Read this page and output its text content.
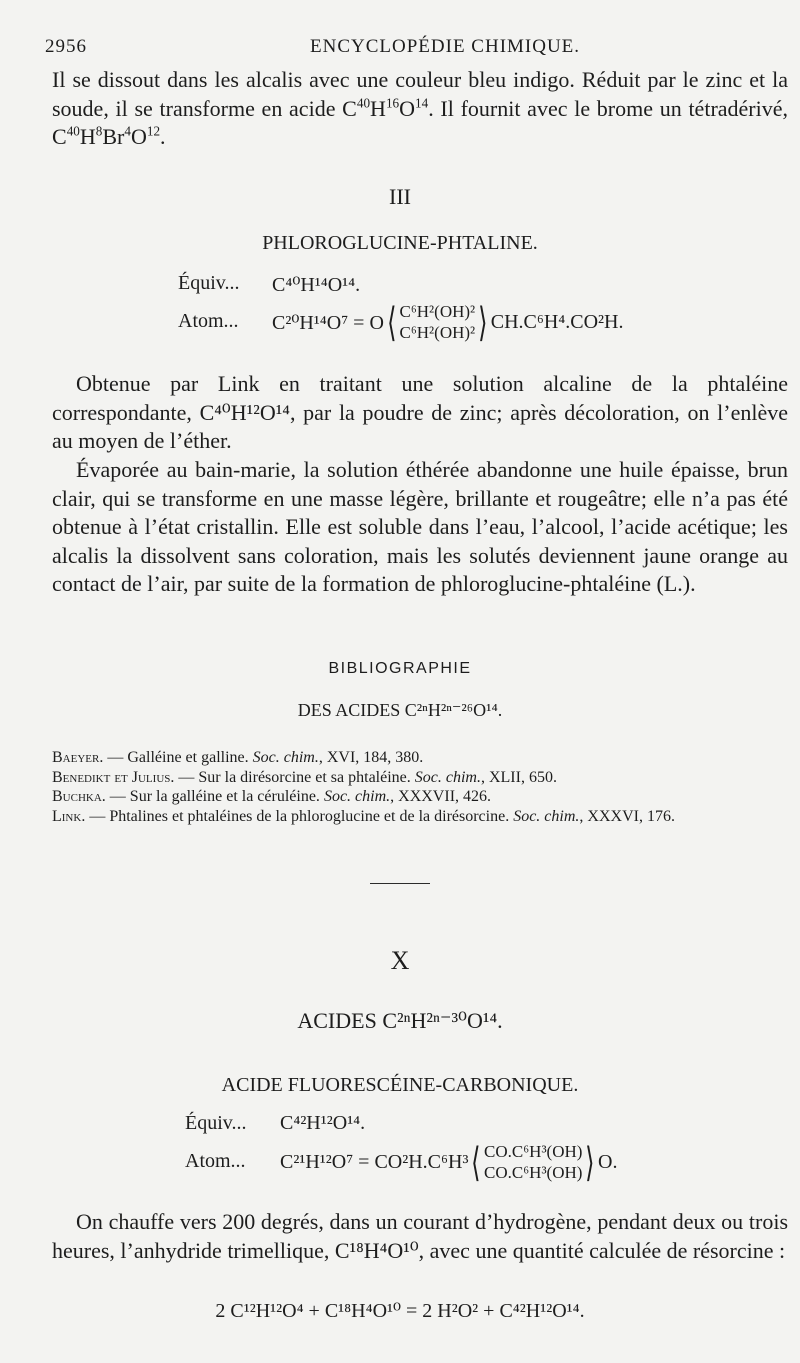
2956	ENCYCLOPÉDIE CHIMIQUE.

Il se dissout dans les alcalis avec une couleur bleu indigo. Réduit par le zinc et la soude, il se transforme en acide $C^{40}H^{16}O^{14}$. Il fournit avec le brome un tétradérivé, $C^{40}H^8Br^4O^{12}$.

III
PHLOROGLUCINE-PHTALINE.
Équiv... C⁴⁰H¹⁴O¹⁴.
Atom... C²⁰H¹⁴O⁷ = O ⟨ C⁶H²(OH)²
C⁶H²(OH)² ⟩ CH.C⁶H⁴.CO²H.

Obtenue par Link en traitant une solution alcaline de la phtaléine correspondante, C⁴⁰H¹²O¹⁴, par la poudre de zinc; après décoloration, on l’enlève au moyen de l’éther.

Évaporée au bain-marie, la solution éthérée abandonne une huile épaisse, brun clair, qui se transforme en une masse légère, brillante et rougeâtre; elle n’a pas été obtenue à l’état cristallin. Elle est soluble dans l’eau, l’alcool, l’acide acétique; les alcalis la dissolvent sans coloration, mais les solutés deviennent jaune orange au contact de l’air, par suite de la formation de phloroglucine-phtaléine (L.).

BIBLIOGRAPHIE
DES ACIDES C²ⁿH²ⁿ⁻²⁶O¹⁴.

Baeyer. — Galléine et galline. Soc. chim., XVI, 184, 380.

Benedikt et Julius. — Sur la dirésorcine et sa phtaléine. Soc. chim., XLII, 650.

Buchka. — Sur la galléine et la céruléine. Soc. chim., XXXVII, 426.

Link. — Phtalines et phtaléines de la phloroglucine et de la dirésorcine. Soc. chim., XXXVI, 176.

X
ACIDES C²ⁿH²ⁿ⁻³⁰O¹⁴.
ACIDE FLUORESCÉINE-CARBONIQUE.
Équiv... C⁴²H¹²O¹⁴.
Atom... C²¹H¹²O⁷ = CO²H.C⁶H³ ⟨ CO.C⁶H³(OH)
CO.C⁶H³(OH) ⟩ O.

On chauffe vers 200 degrés, dans un courant d’hydrogène, pendant deux ou trois heures, l’anhydride trimellique, C¹⁸H⁴O¹⁰, avec une quantité calculée de résorcine :

2 C¹²H¹²O⁴ + C¹⁸H⁴O¹⁰ = 2 H²O² + C⁴²H¹²O¹⁴.
